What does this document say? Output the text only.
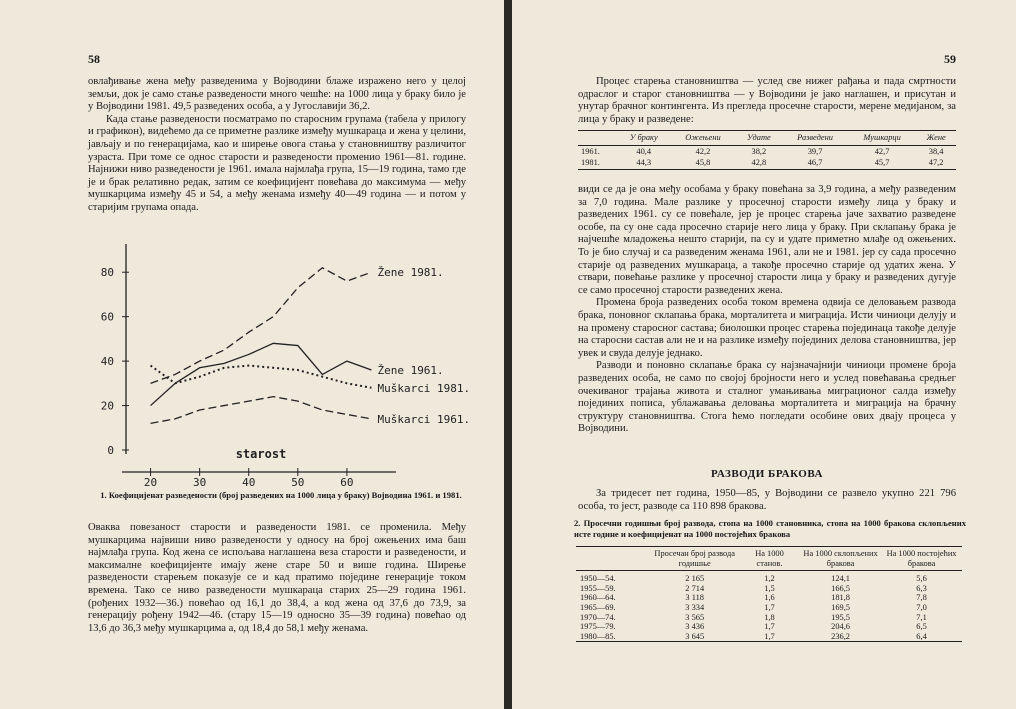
58

овлађивање жена међу разведенима у Војводини блаже изражено него у целој земљи, док је само стање разведености много чешће: на 1000 лица у браку било је у Војводини 1981. 49,5 разведених особа, а у Југославији 36,2.

Када стање разведености посматрамо по старосним групама (табела у прилогу и графикон), видећемо да се приметне разлике између мушкараца и жена у целини, јављају и по генерацијама, као и ширење овога стања у становништву различитог узраста. При томе се однос старости и разведености променио 1961—81. године. Најнижи ниво разведености је 1961. имала најмлађа група, 15—19 година, тамо где је и брак релативно редак, затим се коефицијент повећава до максимума — међу мушкарцима између 45 и 54, а међу женама између 40—49 година — и потом у старијим групама опада.

0
20
40
60
80
20	30	40	50	60
starost
Žene 1981.
Žene 1961.
Muškarci 1981.
Muškarci 1961.
1. Коефицијенат разведености (број разведених на 1000 лица у браку) Војводина 1961. и 1981.

Оваква повезаност старости и разведености 1981. се променила. Међу мушкарцима највиши ниво разведености у односу на број ожењених има баш најмлађа група. Код жена се испољава наглашена веза старости и разведености, и максималне коефицијенте имају жене старе 50 и више година. Ширење разведености старењем показује се и кад пратимо поједине генерације током времена. Тако се ниво разведености мушкараца старих 25—29 година 1961. (рођених 1932—36.) повећао од 16,1 до 38,4, а код жена од 37,6 до 73,9, за генерацију рођену 1942—46. (стару 15—19 односно 35—39 година) повећао од 13,6 до 36,3 међу мушкарцима а, од 18,4 до 58,1 међу женама.

59

Процес старења становништва — услед све нижег рађања и пада смртности одраслог и старог становништва — у Војводини је јако наглашен, и присутан и унутар брачног контингента. Из прегледа просечне старости, мерене медијаном, за лица у браку и разведене:

	У браку	Ожењени	Удате	Разведени	Мушкарци	Жене
1961.	40,4	42,2	38,2	39,7	42,7	38,4
1981.	44,3	45,8	42,8	46,7	45,7	47,2

види се да је она међу особама у браку повећана за 3,9 година, а међу разведеним за 7,0 година. Мале разлике у просечној старости између лица у браку и разведених 1961. су се повећале, јер је процес старења јаче захватио разведене особе, па су оне сада просечно старије него лица у браку. При склапању брака је најчешће младожења нешто старији, па су и удате приметно млађе од ожењених. То је био случај и са разведеним женама 1961, али не и 1981. јер су сада просечно старије од разведених мушкараца, а такође просечно старије од удатих жена. У ствари, повећање разлике у просечној старости лица у браку и разведених дугује се само просечној старости разведених жена.

Промена броја разведених особа током времена одвија се деловањем развода брака, поновног склапања брака, морталитета и миграција. Исти чиниоци делују и на промену старосног састава; биолошки процес старења појединаца такође делује на старосни састав али не и на разлике између појединих делова становништва, јер увек и свуда делује једнако.

Разводи и поновно склапање брака су најзначајнији чиниоци промене броја разведених особа, не само по својој бројности него и услед повећавања средњег очекиваног трајања живота и сталног умањивања миграционог салда између појединих пописа, ублажавања деловања морталитета и миграција на брачну структуру становништва. Стога ћемо погледати особине ових двају процеса у Војводини.

РАЗВОДИ БРАКОВА

За тридесет пет година, 1950—85, у Војводини се развело укупно 221 796 особа, то јест, разводе са 110 898 бракова.

2. Просечни годишњи број развода, стопа на 1000 становника, стопа на 1000 бракова склопљених исте године и коефицијенат на 1000 постојећих бракова
	Просечан број развода годишње	На 1000 станов.	На 1000 склопљених бракова	На 1000 постојећих бракова
1950—54.	2 165	1,2	124,1	5,6
1955—59.	2 714	1,5	166,5	6,3
1960—64.	3 118	1,6	181,8	7,8
1965—69.	3 334	1,7	169,5	7,0
1970—74.	3 565	1,8	195,5	7,1
1975—79.	3 436	1,7	204,6	6,5
1980—85.	3 645	1,7	236,2	6,4
